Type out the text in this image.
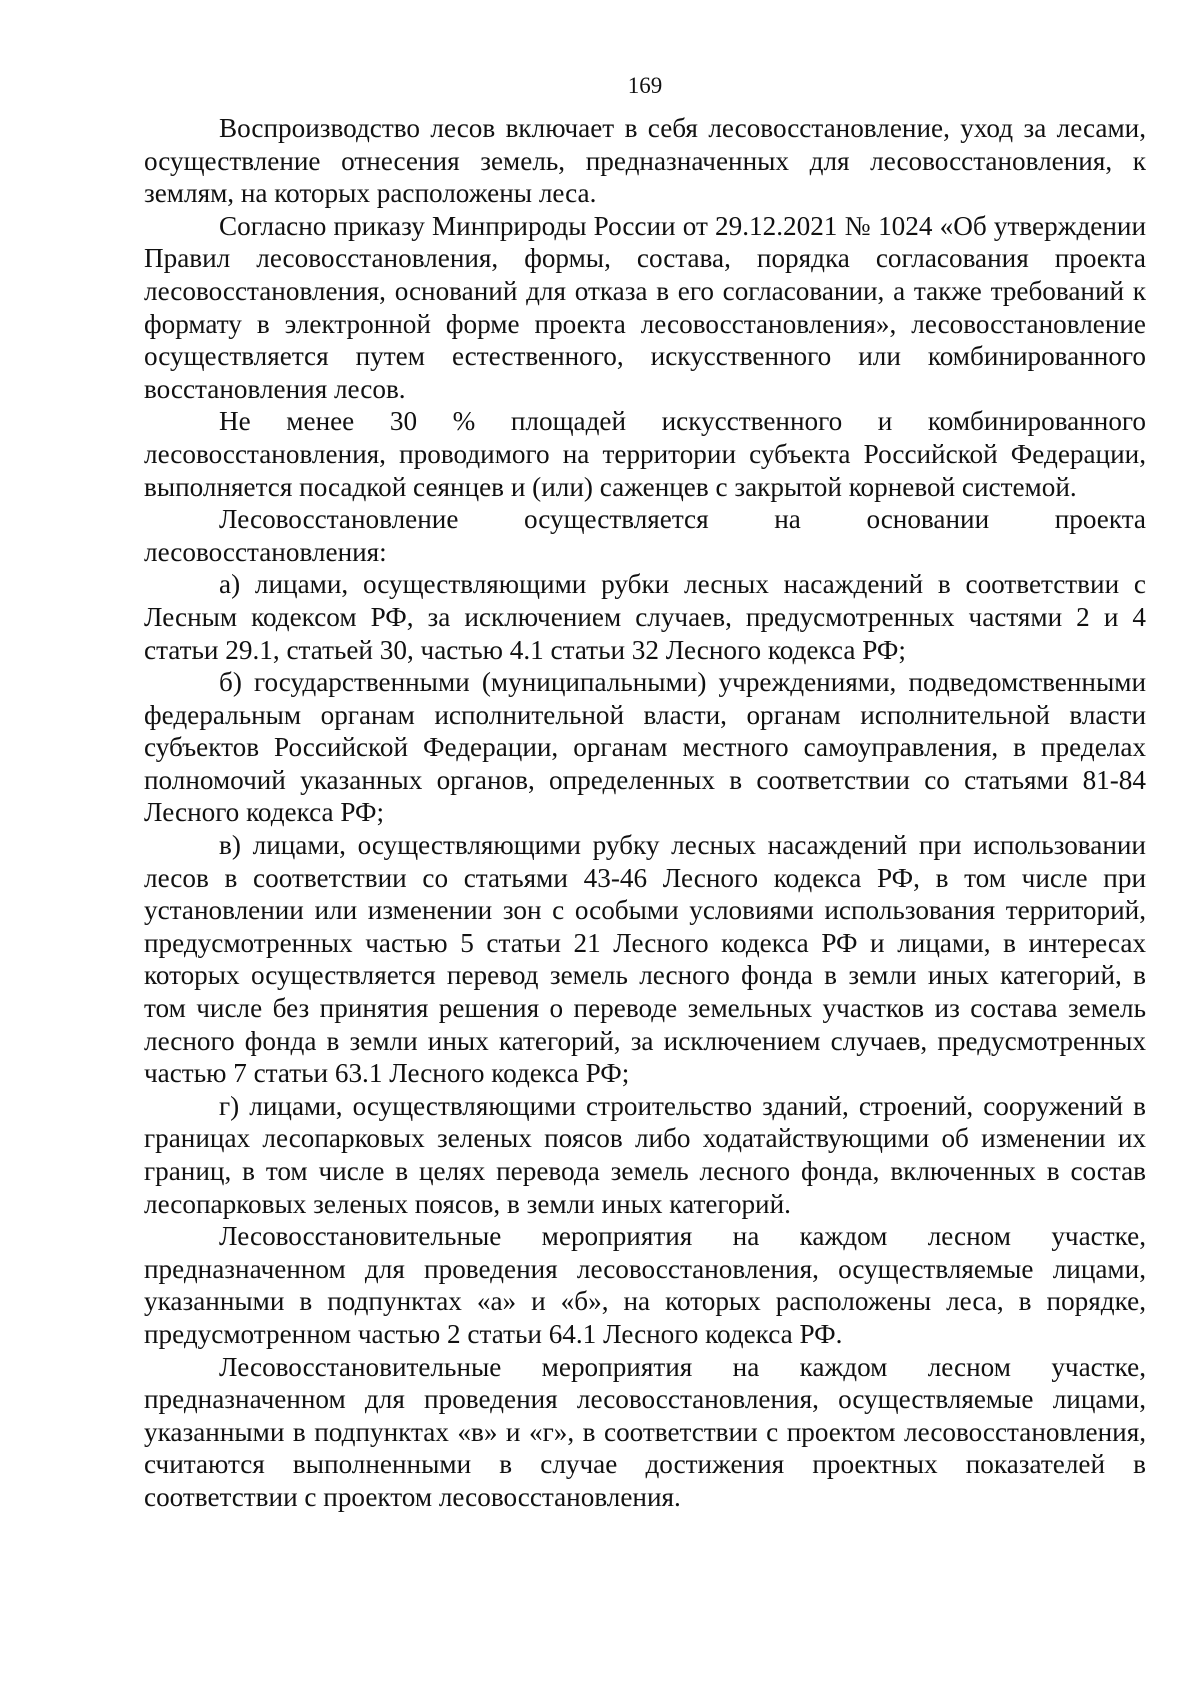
169

Воспроизводство лесов включает в себя лесовосстановление, уход за лесами, осуществление отнесения земель, предназначенных для лесовосстановления, к землям, на которых расположены леса.

Согласно приказу Минприроды России от 29.12.2021 № 1024 «Об утверждении Правил лесовосстановления, формы, состава, порядка согласования проекта лесовосстановления, оснований для отказа в его согласовании, а также требований к формату в электронной форме проекта лесовосстановления», лесовосстановление осуществляется путем естественного, искусственного или комбинированного восстановления лесов.

Не менее 30 % площадей искусственного и комбинированного лесовосстановления, проводимого на территории субъекта Российской Федерации, выполняется посадкой сеянцев и (или) саженцев с закрытой корневой системой.

Лесовосстановление осуществляется на основании проекта лесовосстановления:

а) лицами, осуществляющими рубки лесных насаждений в соответствии с Лесным кодексом РФ, за исключением случаев, предусмотренных частями 2 и 4 статьи 29.1, статьей 30, частью 4.1 статьи 32 Лесного кодекса РФ;

б) государственными (муниципальными) учреждениями, подведомственными федеральным органам исполнительной власти, органам исполнительной власти субъектов Российской Федерации, органам местного самоуправления, в пределах полномочий указанных органов, определенных в соответствии со статьями 81-84 Лесного кодекса РФ;

в) лицами, осуществляющими рубку лесных насаждений при использовании лесов в соответствии со статьями 43-46 Лесного кодекса РФ, в том числе при установлении или изменении зон с особыми условиями использования территорий, предусмотренных частью 5 статьи 21 Лесного кодекса РФ и лицами, в интересах которых осуществляется перевод земель лесного фонда в земли иных категорий, в том числе без принятия решения о переводе земельных участков из состава земель лесного фонда в земли иных категорий, за исключением случаев, предусмотренных частью 7 статьи 63.1 Лесного кодекса РФ;

г) лицами, осуществляющими строительство зданий, строений, сооружений в границах лесопарковых зеленых поясов либо ходатайствующими об изменении их границ, в том числе в целях перевода земель лесного фонда, включенных в состав лесопарковых зеленых поясов, в земли иных категорий.

Лесовосстановительные мероприятия на каждом лесном участке, предназначенном для проведения лесовосстановления, осуществляемые лицами, указанными в подпунктах «а» и «б», на которых расположены леса, в порядке, предусмотренном частью 2 статьи 64.1 Лесного кодекса РФ.

Лесовосстановительные мероприятия на каждом лесном участке, предназначенном для проведения лесовосстановления, осуществляемые лицами, указанными в подпунктах «в» и «г», в соответствии с проектом лесовосстановления, считаются выполненными в случае достижения проектных показателей в соответствии с проектом лесовосстановления.
